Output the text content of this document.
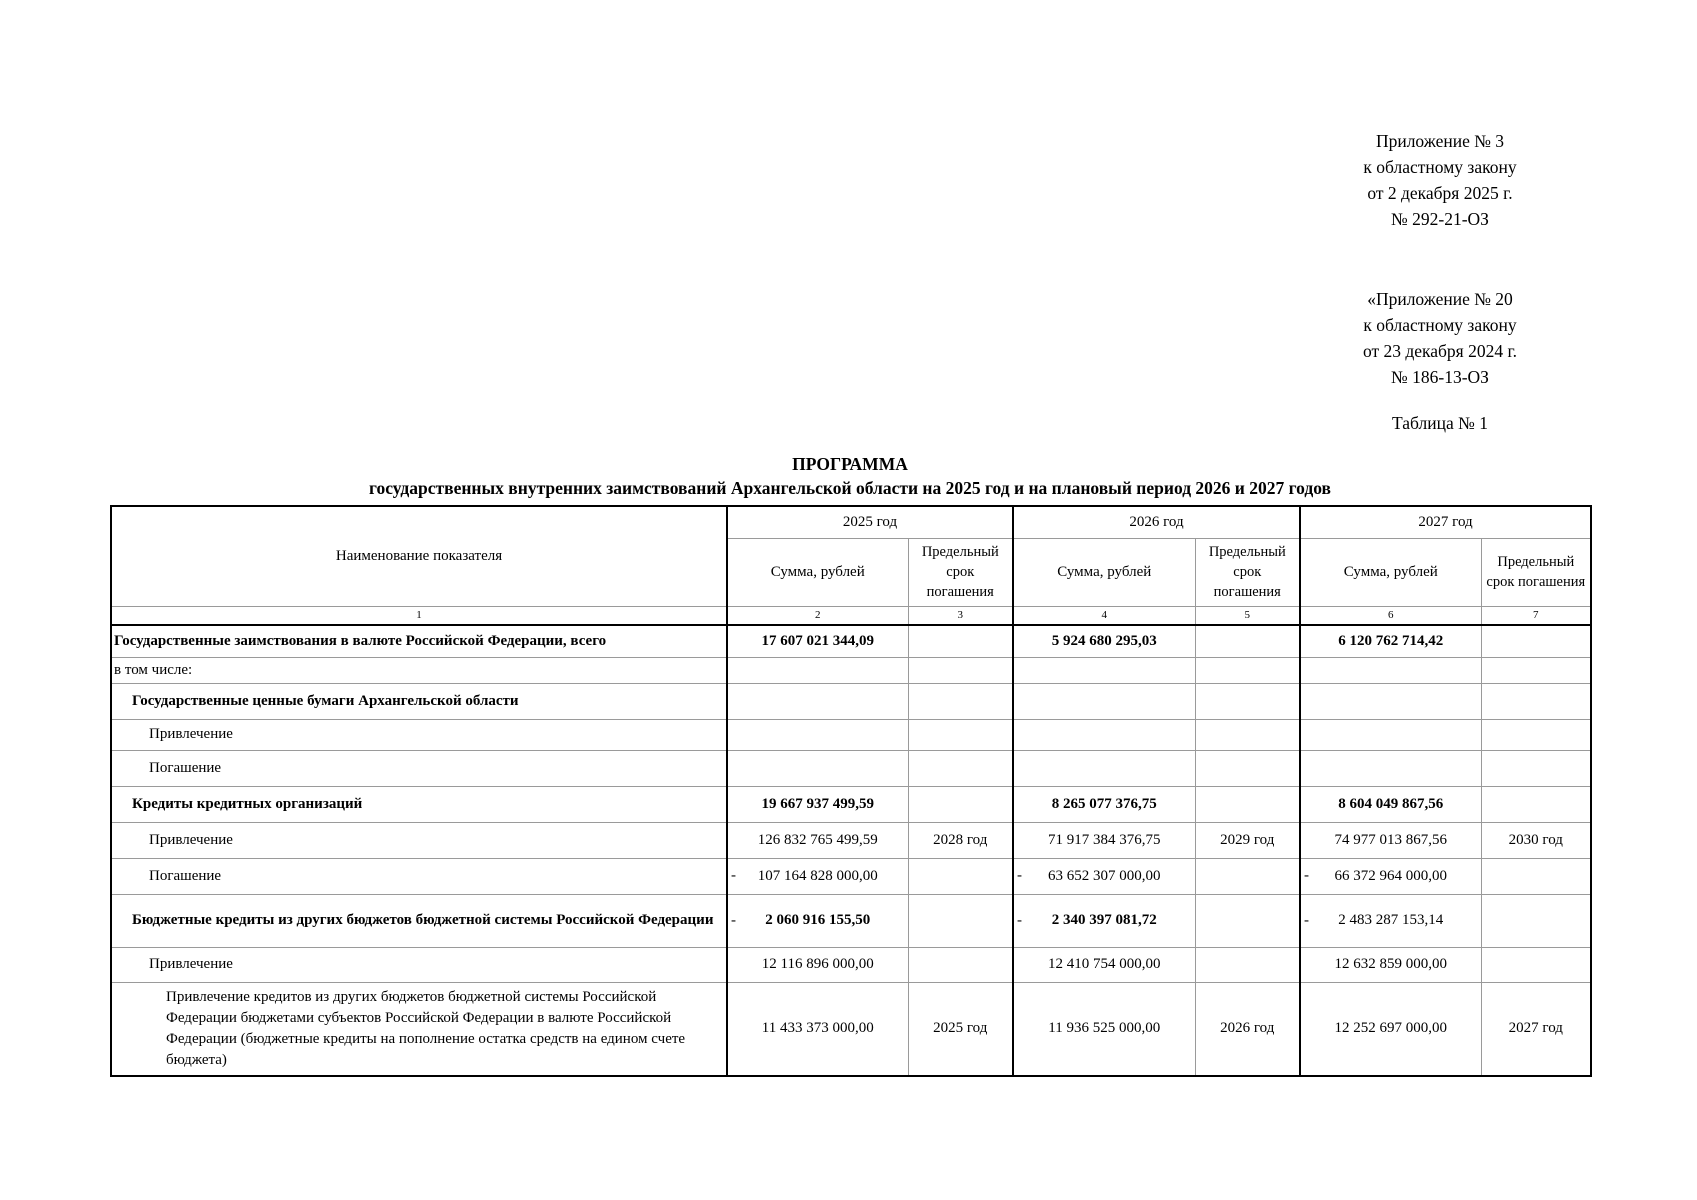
Приложение № 3
к областному закону
от 2 декабря 2025 г.
№ 292-21-ОЗ
«Приложение № 20
к областному закону
от 23 декабря 2024 г.
№ 186-13-ОЗ
Таблица № 1
ПРОГРАММА
государственных внутренних заимствований Архангельской области на 2025 год и на плановый период 2026 и 2027 годов
Наименование показателя	2025 год		2026 год		2027 год	
	Сумма, рублей	Предельный срок погашения	Сумма, рублей	Предельный срок погашения	Сумма, рублей	Предельный срок погашения
1	2	3	4	5	6	7
Государственные заимствования в валюте Российской Федерации, всего	17 607 021 344,09		5 924 680 295,03		6 120 762 714,42	
в том числе:						
Государственные ценные бумаги Архангельской области						
Привлечение						
Погашение						
Кредиты кредитных организаций	19 667 937 499,59		8 265 077 376,75		8 604 049 867,56	
Привлечение	126 832 765 499,59	2028 год	71 917 384 376,75	2029 год	74 977 013 867,56	2030 год
Погашение	- 107 164 828 000,00		- 63 652 307 000,00		- 66 372 964 000,00	
Бюджетные кредиты из других бюджетов бюджетной системы Российской Федерации	- 2 060 916 155,50		- 2 340 397 081,72		- 2 483 287 153,14	
Привлечение	12 116 896 000,00		12 410 754 000,00		12 632 859 000,00	
Привлечение кредитов из других бюджетов бюджетной системы Российской Федерации бюджетами субъектов Российской Федерации в валюте Российской Федерации (бюджетные кредиты на пополнение остатка средств на едином счете бюджета)	11 433 373 000,00	2025 год	11 936 525 000,00	2026 год	12 252 697 000,00	2027 год
